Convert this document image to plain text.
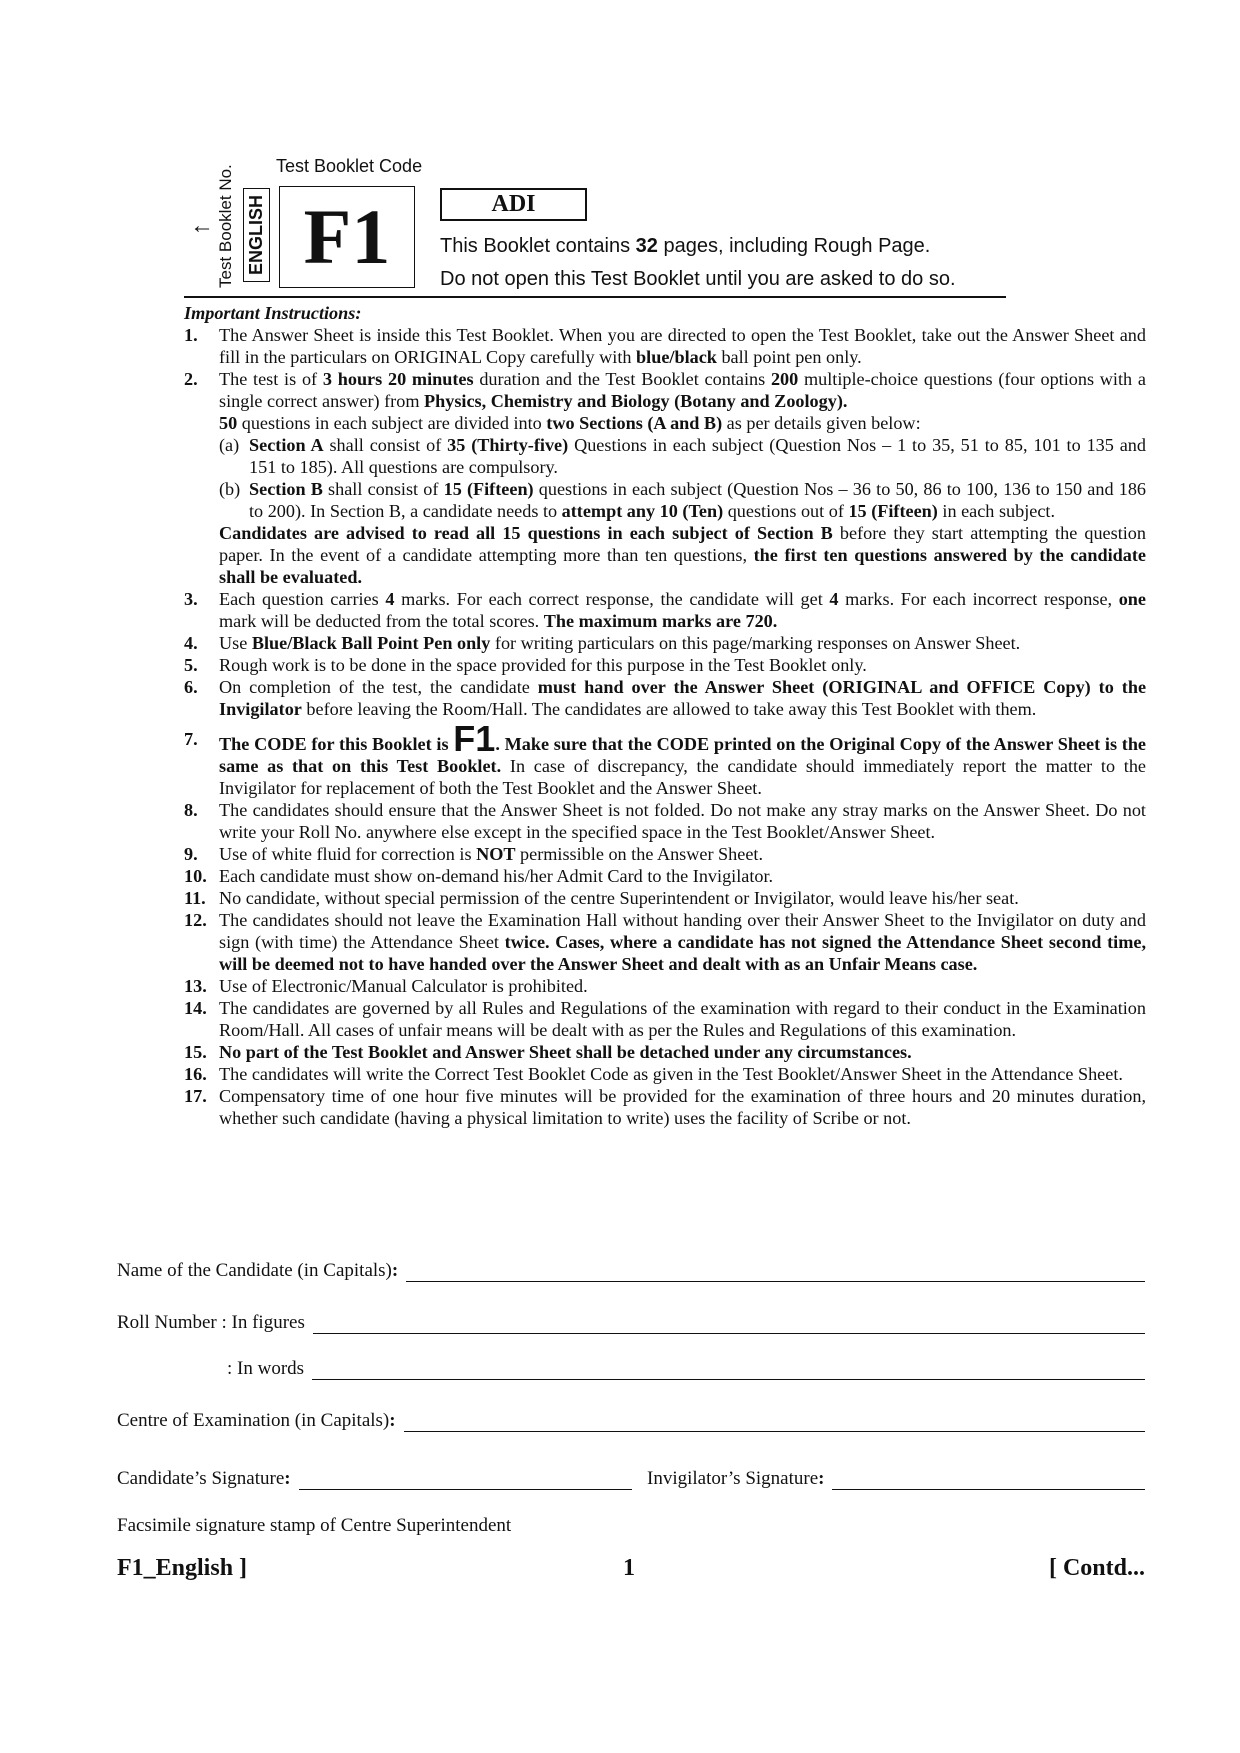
← Test Booklet No. ENGLISH
Test Booklet Code
F1	ADI
This Booklet contains 32 pages, including Rough Page.
Do not open this Test Booklet until you are asked to do so.
Important Instructions:
1. The Answer Sheet is inside this Test Booklet. When you are directed to open the Test Booklet, take out the Answer Sheet and fill in the particulars on ORIGINAL Copy carefully with blue/black ball point pen only.
2. The test is of 3 hours 20 minutes duration and the Test Booklet contains 200 multiple-choice questions (four options with a single correct answer) from Physics, Chemistry and Biology (Botany and Zoology).
50 questions in each subject are divided into two Sections (A and B) as per details given below:
(a) Section A shall consist of 35 (Thirty-five) Questions in each subject (Question Nos – 1 to 35, 51 to 85, 101 to 135 and 151 to 185). All questions are compulsory.
(b) Section B shall consist of 15 (Fifteen) questions in each subject (Question Nos – 36 to 50, 86 to 100, 136 to 150 and 186 to 200). In Section B, a candidate needs to attempt any 10 (Ten) questions out of 15 (Fifteen) in each subject.
Candidates are advised to read all 15 questions in each subject of Section B before they start attempting the question paper. In the event of a candidate attempting more than ten questions, the first ten questions answered by the candidate shall be evaluated.
3. Each question carries 4 marks. For each correct response, the candidate will get 4 marks. For each incorrect response, one mark will be deducted from the total scores. The maximum marks are 720.
4. Use Blue/Black Ball Point Pen only for writing particulars on this page/marking responses on Answer Sheet.
5. Rough work is to be done in the space provided for this purpose in the Test Booklet only.
6. On completion of the test, the candidate must hand over the Answer Sheet (ORIGINAL and OFFICE Copy) to the Invigilator before leaving the Room/Hall. The candidates are allowed to take away this Test Booklet with them.
7. The CODE for this Booklet is F1. Make sure that the CODE printed on the Original Copy of the Answer Sheet is the same as that on this Test Booklet. In case of discrepancy, the candidate should immediately report the matter to the Invigilator for replacement of both the Test Booklet and the Answer Sheet.
8. The candidates should ensure that the Answer Sheet is not folded. Do not make any stray marks on the Answer Sheet. Do not write your Roll No. anywhere else except in the specified space in the Test Booklet/Answer Sheet.
9. Use of white fluid for correction is NOT permissible on the Answer Sheet.
10. Each candidate must show on-demand his/her Admit Card to the Invigilator.
11. No candidate, without special permission of the centre Superintendent or Invigilator, would leave his/her seat.
12. The candidates should not leave the Examination Hall without handing over their Answer Sheet to the Invigilator on duty and sign (with time) the Attendance Sheet twice. Cases, where a candidate has not signed the Attendance Sheet second time, will be deemed not to have handed over the Answer Sheet and dealt with as an Unfair Means case.
13. Use of Electronic/Manual Calculator is prohibited.
14. The candidates are governed by all Rules and Regulations of the examination with regard to their conduct in the Examination Room/Hall. All cases of unfair means will be dealt with as per the Rules and Regulations of this examination.
15. No part of the Test Booklet and Answer Sheet shall be detached under any circumstances.
16. The candidates will write the Correct Test Booklet Code as given in the Test Booklet/Answer Sheet in the Attendance Sheet.
17. Compensatory time of one hour five minutes will be provided for the examination of three hours and 20 minutes duration, whether such candidate (having a physical limitation to write) uses the facility of Scribe or not.
Name of the Candidate (in Capitals) :
Roll Number
: In figures
: In words
Centre of Examination (in Capitals) :
Candidate’s Signature :	Invigilator’s Signature :
Facsimile signature stamp of Centre Superintendent
F1_English ]	1	[ Contd...
